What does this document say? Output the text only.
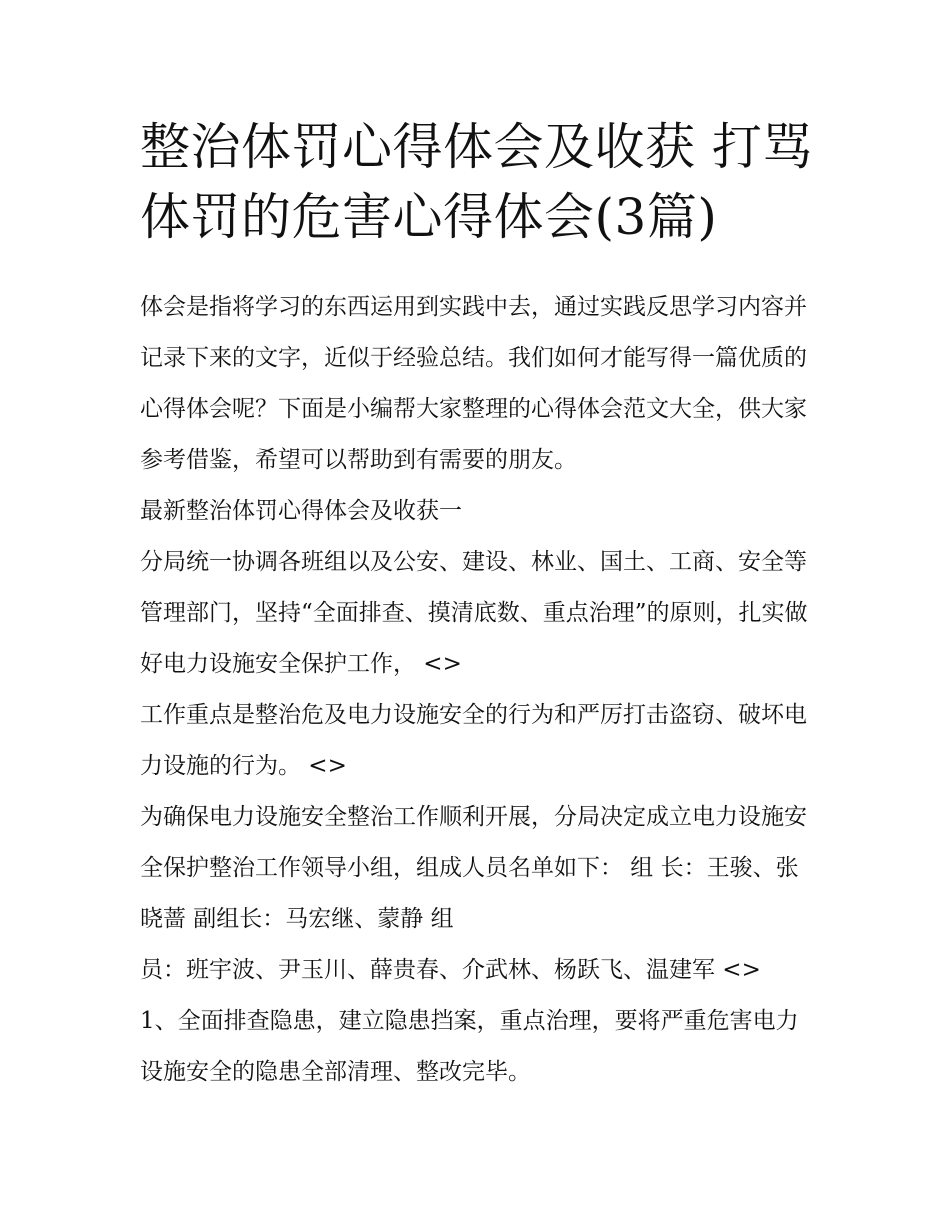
整治体罚心得体会及收获 打骂体罚的危害心得体会(3篇)

体会是指将学习的东西运用到实践中去，通过实践反思学习内容并记录下来的文字，近似于经验总结。我们如何才能写得一篇优质的心得体会呢？下面是小编帮大家整理的心得体会范文大全，供大家参考借鉴，希望可以帮助到有需要的朋友。

最新整治体罚心得体会及收获一

分局统一协调各班组以及公安、建设、林业、国土、工商、安全等管理部门，坚持“全面排查、摸清底数、重点治理”的原则，扎实做好电力设施安全保护工作， <>

工作重点是整治危及电力设施安全的行为和严厉打击盗窃、破坏电力设施的行为。 <>

为确保电力设施安全整治工作顺利开展，分局决定成立电力设施安全保护整治工作领导小组，组成人员名单如下： 组 长：王骏、张晓蔷 副组长：马宏继、蒙静 组

员：班宇波、尹玉川、薛贵春、介武林、杨跃飞、温建军 <>

1、全面排查隐患，建立隐患挡案，重点治理，要将严重危害电力设施安全的隐患全部清理、整改完毕。
